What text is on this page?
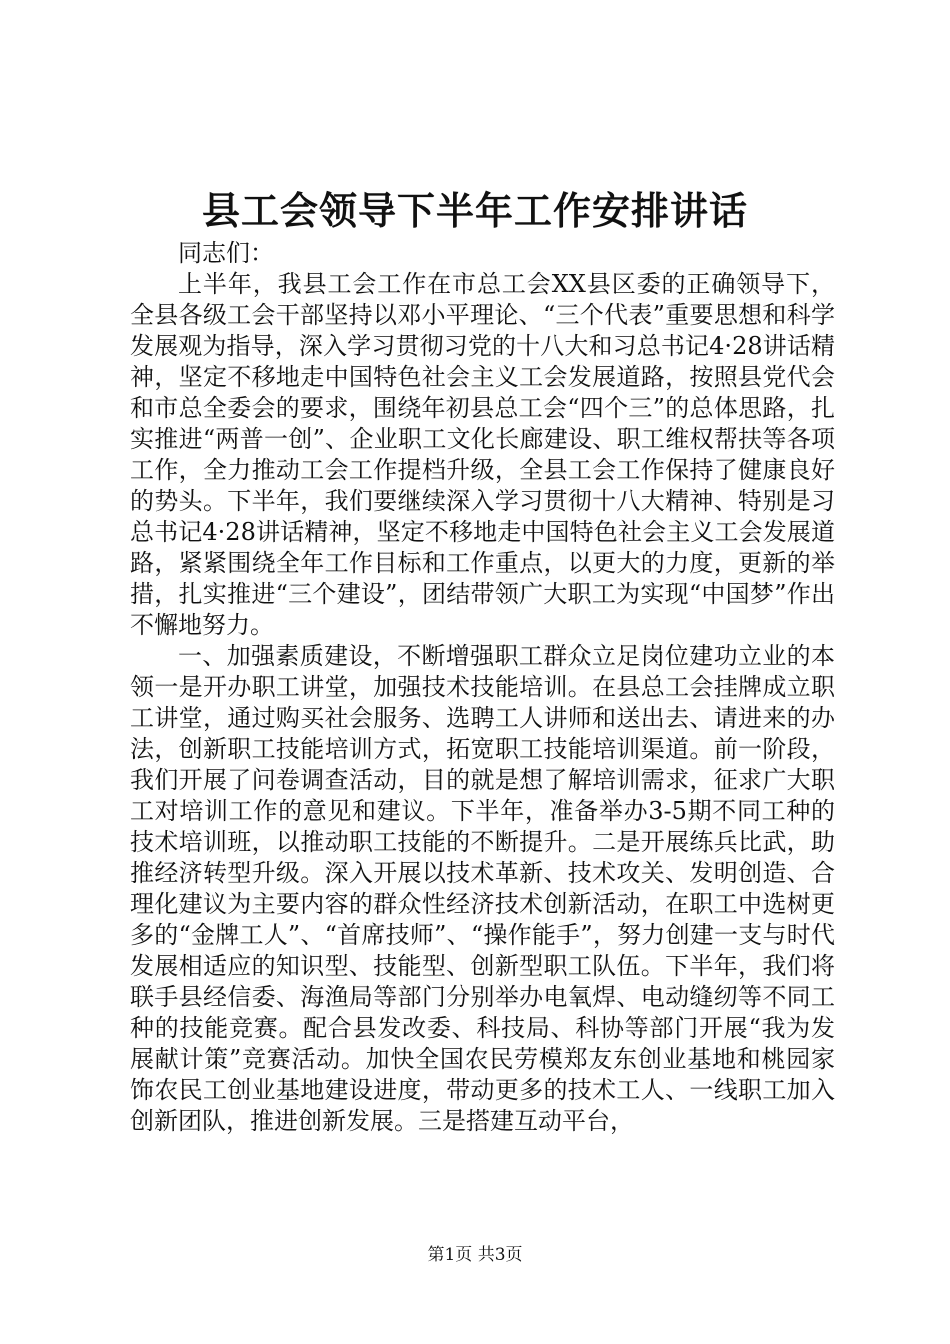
县工会领导下半年工作安排讲话

同志们：

上半年，我县工会工作在市总工会XX县区委的正确领导下，全县各级工会干部坚持以邓小平理论、“三个代表”重要思想和科学发展观为指导，深入学习贯彻习党的十八大和习总书记4·28讲话精神，坚定不移地走中国特色社会主义工会发展道路，按照县党代会和市总全委会的要求，围绕年初县总工会“四个三”的总体思路，扎实推进“两普一创”、企业职工文化长廊建设、职工维权帮扶等各项工作，全力推动工会工作提档升级，全县工会工作保持了健康良好的势头。下半年，我们要继续深入学习贯彻十八大精神、特别是习总书记4·28讲话精神，坚定不移地走中国特色社会主义工会发展道路，紧紧围绕全年工作目标和工作重点，以更大的力度，更新的举措，扎实推进“三个建设”，团结带领广大职工为实现“中国梦”作出不懈地努力。

一、加强素质建设，不断增强职工群众立足岗位建功立业的本领一是开办职工讲堂，加强技术技能培训。在县总工会挂牌成立职工讲堂，通过购买社会服务、选聘工人讲师和送出去、请进来的办法，创新职工技能培训方式，拓宽职工技能培训渠道。前一阶段，我们开展了问卷调查活动，目的就是想了解培训需求，征求广大职工对培训工作的意见和建议。下半年，准备举办3-5期不同工种的技术培训班，以推动职工技能的不断提升。二是开展练兵比武，助推经济转型升级。深入开展以技术革新、技术攻关、发明创造、合理化建议为主要内容的群众性经济技术创新活动，在职工中选树更多的“金牌工人”、“首席技师”、“操作能手”，努力创建一支与时代发展相适应的知识型、技能型、创新型职工队伍。下半年，我们将联手县经信委、海渔局等部门分别举办电氧焊、电动缝纫等不同工种的技能竞赛。配合县发改委、科技局、科协等部门开展“我为发展献计策”竞赛活动。加快全国农民劳模郑友东创业基地和桃园家饰农民工创业基地建设进度，带动更多的技术工人、一线职工加入创新团队，推进创新发展。三是搭建互动平台，

第1页 共3页
